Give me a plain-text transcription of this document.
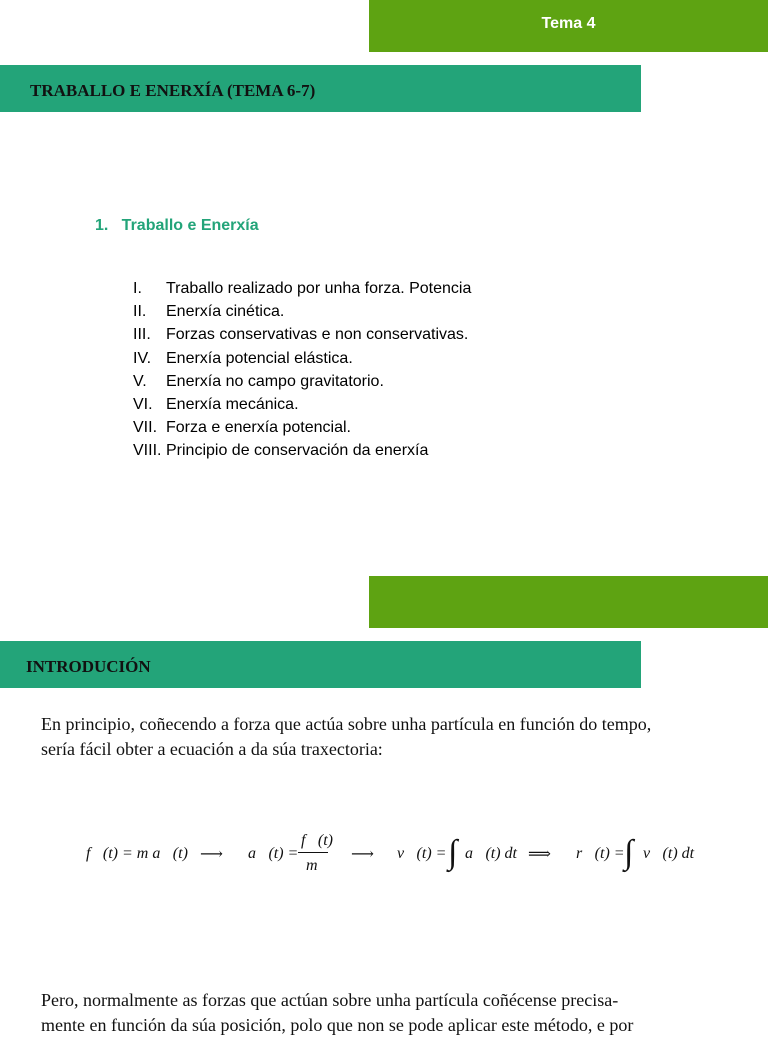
Tema 4
TRABALLO E ENERXÍA (TEMA 6-7)
1.   Traballo e Enerxía
I.	Traballo realizado por unha forza. Potencia
II.	Enerxía cinética.
III. Forzas conservativas e non conservativas.
IV. Enerxía potencial elástica.
V.	Enerxía no campo gravitatorio.
VI. Enerxía mecánica.
VII. Forza e enerxía potencial.
VIII. Principio de conservación da enerxía
INTRODUCIÓN
En principio, coñecendo a forza que actúa sobre unha partícula en función do tempo,
sería fácil obter a ecuación a da súa traxectoria:
f⃗(t) = m a⃗(t) ⟶ a⃗(t) =
f⃗(t)
m
⟶ v⃗(t) = ∫ a⃗(t) dt ⟹ r⃗(t) = ∫ v⃗(t) dt
Pero, normalmente as forzas que actúan sobre unha partícula coñécense precisa-
mente en función da súa posición, polo que non se pode aplicar este método, e por
